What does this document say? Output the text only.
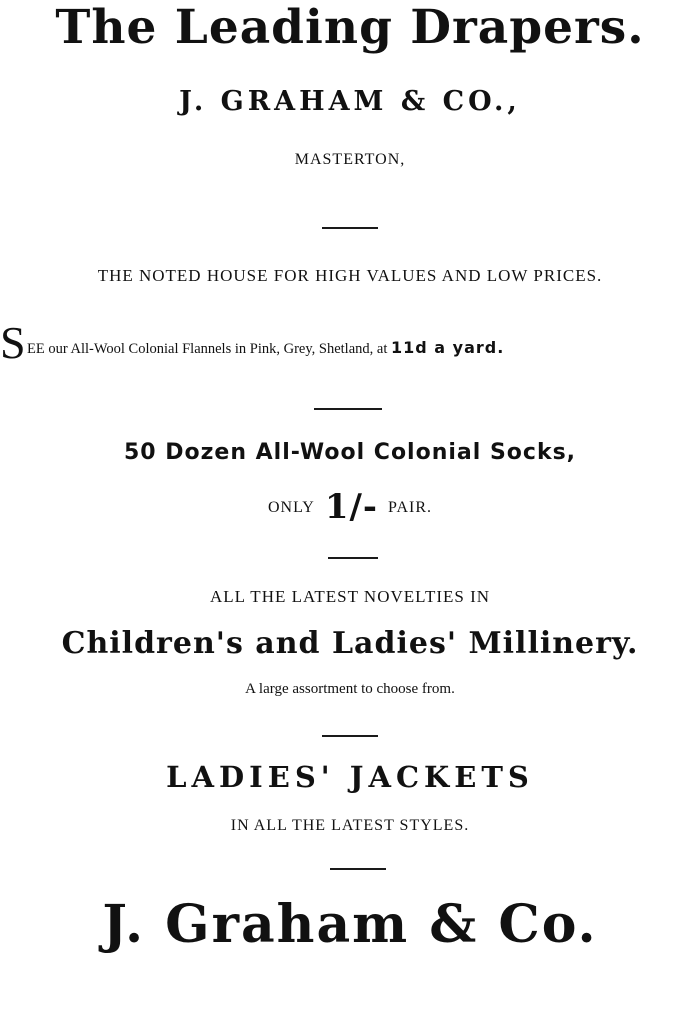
The Leading Drapers.
J. GRAHAM & CO.,
MASTERTON,
THE NOTED HOUSE FOR HIGH VALUES AND LOW PRICES.
S EE our All-Wool Colonial Flannels in Pink, Grey, Shetland, at 11d a yard.
50 Dozen All-Wool Colonial Socks,
ONLY 1/- PAIR.
ALL THE LATEST NOVELTIES IN
Children's and Ladies' Millinery.
A large assortment to choose from.
LADIES' JACKETS
IN ALL THE LATEST STYLES.
J. Graham & Co.
